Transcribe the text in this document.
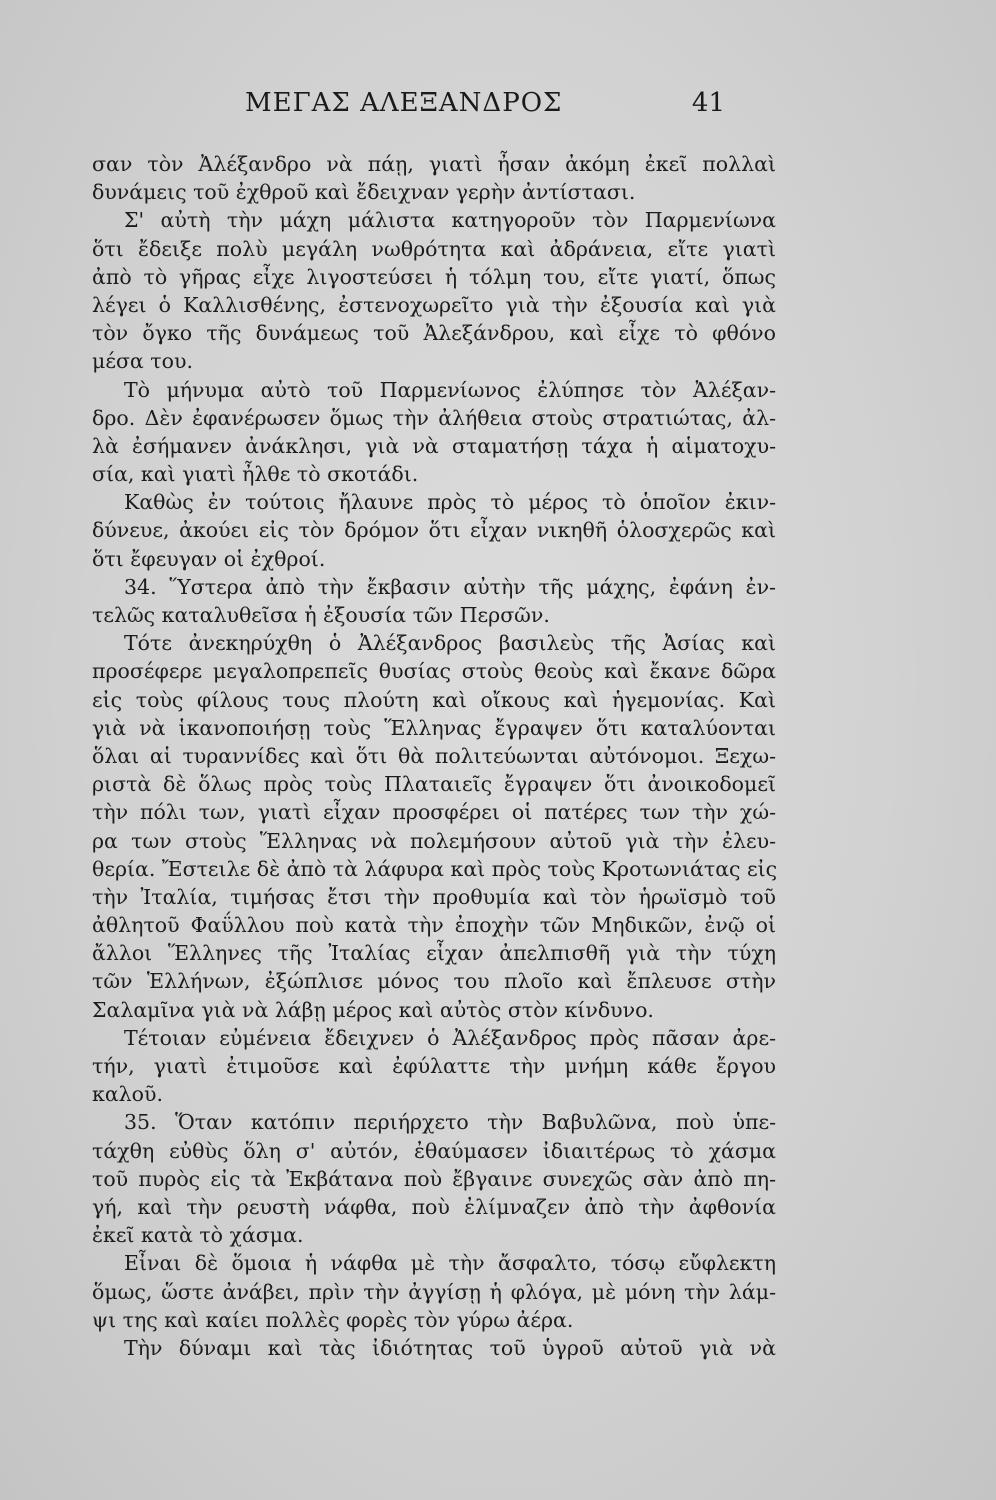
ΜΕΓΑΣ ΑΛΕΞΑΝΔΡΟΣ	41
σαν τὸν Ἀλέξανδρο νὰ πάῃ, γιατὶ ἦσαν ἀκόμη ἐκεῖ πολλαὶ
δυνάμεις τοῦ ἐχθροῦ καὶ ἔδειχναν γερὴν ἀντίστασι.
Σ' αὐτὴ τὴν μάχη μάλιστα κατηγοροῦν τὸν Παρμενίωνα
ὅτι ἔδειξε πολὺ μεγάλη νωθρότητα καὶ ἀδράνεια, εἴτε γιατὶ
ἀπὸ τὸ γῆρας εἶχε λιγοστεύσει ἡ τόλμη του, εἴτε γιατί, ὅπως
λέγει ὁ Καλλισθένης, ἐστενοχωρεῖτο γιὰ τὴν ἐξουσία καὶ γιὰ
τὸν ὄγκο τῆς δυνάμεως τοῦ Ἀλεξάνδρου, καὶ εἶχε τὸ φθόνο
μέσα του.
Τὸ μήνυμα αὐτὸ τοῦ Παρμενίωνος ἐλύπησε τὸν Ἀλέξαν-
δρο. Δὲν ἐφανέρωσεν ὅμως τὴν ἀλήθεια στοὺς στρατιώτας, ἀλ-
λὰ ἐσήμανεν ἀνάκλησι, γιὰ νὰ σταματήσῃ τάχα ἡ αἱματοχυ-
σία, καὶ γιατὶ ἦλθε τὸ σκοτάδι.
Καθὼς ἐν τούτοις ἤλαυνε πρὸς τὸ μέρος τὸ ὁποῖον ἐκιν-
δύνευε, ἀκούει εἰς τὸν δρόμον ὅτι εἶχαν νικηθῆ ὁλοσχερῶς καὶ
ὅτι ἔφευγαν οἱ ἐχθροί.
34. Ὕστερα ἀπὸ τὴν ἔκβασιν αὐτὴν τῆς μάχης, ἐφάνη ἐν-
τελῶς καταλυθεῖσα ἡ ἐξουσία τῶν Περσῶν.
Τότε ἀνεκηρύχθη ὁ Ἀλέξανδρος βασιλεὺς τῆς Ἀσίας καὶ
προσέφερε μεγαλοπρεπεῖς θυσίας στοὺς θεοὺς καὶ ἔκανε δῶρα
εἰς τοὺς φίλους τους πλούτη καὶ οἴκους καὶ ἡγεμονίας. Καὶ
γιὰ νὰ ἱκανοποιήσῃ τοὺς Ἕλληνας ἔγραψεν ὅτι καταλύονται
ὅλαι αἱ τυραννίδες καὶ ὅτι θὰ πολιτεύωνται αὐτόνομοι. Ξεχω-
ριστὰ δὲ ὅλως πρὸς τοὺς Πλαταιεῖς ἔγραψεν ὅτι ἀνοικοδομεῖ
τὴν πόλι των, γιατὶ εἶχαν προσφέρει οἱ πατέρες των τὴν χώ-
ρα των στοὺς Ἕλληνας νὰ πολεμήσουν αὐτοῦ γιὰ τὴν ἐλευ-
θερία. Ἔστειλε δὲ ἀπὸ τὰ λάφυρα καὶ πρὸς τοὺς Κροτωνιάτας εἰς
τὴν Ἰταλία, τιμήσας ἔτσι τὴν προθυμία καὶ τὸν ἡρωϊσμὸ τοῦ
ἀθλητοῦ Φαΰλλου ποὺ κατὰ τὴν ἐποχὴν τῶν Μηδικῶν, ἐνῷ οἱ
ἄλλοι Ἕλληνες τῆς Ἰταλίας εἶχαν ἀπελπισθῆ γιὰ τὴν τύχη
τῶν Ἑλλήνων, ἐξώπλισε μόνος του πλοῖο καὶ ἔπλευσε στὴν
Σαλαμῖνα γιὰ νὰ λάβῃ μέρος καὶ αὐτὸς στὸν κίνδυνο.
Τέτοιαν εὐμένεια ἔδειχνεν ὁ Ἀλέξανδρος πρὸς πᾶσαν ἀρε-
τήν, γιατὶ ἐτιμοῦσε καὶ ἐφύλαττε τὴν μνήμη κάθε ἔργου
καλοῦ.
35. Ὅταν κατόπιν περιήρχετο τὴν Βαβυλῶνα, ποὺ ὑπε-
τάχθη εὐθὺς ὅλη σ' αὐτόν, ἐθαύμασεν ἰδιαιτέρως τὸ χάσμα
τοῦ πυρὸς εἰς τὰ Ἐκβάτανα ποὺ ἔβγαινε συνεχῶς σὰν ἀπὸ πη-
γή, καὶ τὴν ρευστὴ νάφθα, ποὺ ἐλίμναζεν ἀπὸ τὴν ἀφθονία
ἐκεῖ κατὰ τὸ χάσμα.
Εἶναι δὲ ὅμοια ἡ νάφθα μὲ τὴν ἄσφαλτο, τόσῳ εὔφλεκτη
ὅμως, ὥστε ἀνάβει, πρὶν τὴν ἀγγίσῃ ἡ φλόγα, μὲ μόνη τὴν λάμ-
ψι της καὶ καίει πολλὲς φορὲς τὸν γύρω ἀέρα.
Τὴν δύναμι καὶ τὰς ἰδιότητας τοῦ ὑγροῦ αὐτοῦ γιὰ νὰ
